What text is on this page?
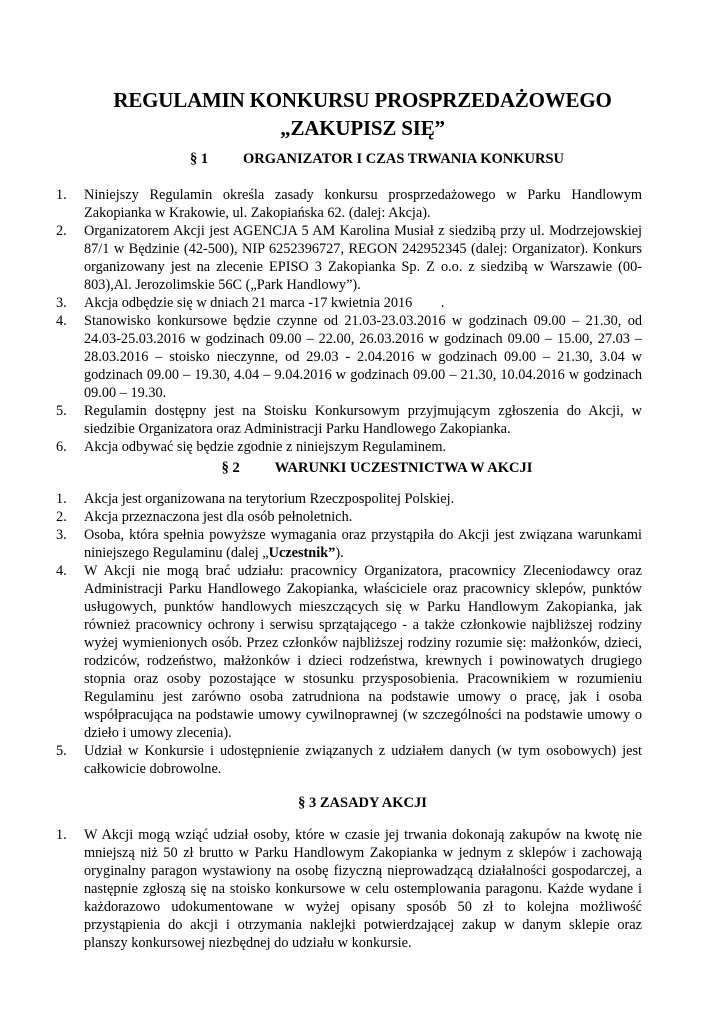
REGULAMIN KONKURSU PROSPRZEDAŻOWEGO
„ZAKUPISZ SIĘ”
§ 1 ORGANIZATOR I CZAS TRWANIA KONKURSU
1.	Niniejszy Regulamin określa zasady konkursu prosprzedażowego w Parku Handlowym Zakopianka w Krakowie, ul. Zakopiańska 62. (dalej: Akcja).
2.	Organizatorem Akcji jest AGENCJA 5 AM Karolina Musiał z siedzibą przy ul. Modrzejowskiej 87/1 w Będzinie (42-500), NIP 6252396727, REGON 242952345 (dalej: Organizator). Konkurs organizowany jest na zlecenie EPISO 3 Zakopianka Sp. Z o.o. z siedzibą w Warszawie (00-803),Al. Jerozolimskie 56C („Park Handlowy”).
3.	Akcja odbędzie się w dniach 21 marca -17 kwietnia 2016        .
4.	Stanowisko konkursowe będzie czynne od 21.03-23.03.2016 w godzinach 09.00 – 21.30, od 24.03-25.03.2016 w godzinach 09.00 – 22.00, 26.03.2016 w godzinach 09.00 – 15.00, 27.03 – 28.03.2016 – stoisko nieczynne, od 29.03 - 2.04.2016 w godzinach 09.00 – 21.30, 3.04 w godzinach 09.00 – 19.30, 4.04 – 9.04.2016 w godzinach 09.00 – 21.30, 10.04.2016 w godzinach 09.00 – 19.30.
5.	Regulamin dostępny jest na Stoisku Konkursowym przyjmującym zgłoszenia do Akcji, w siedzibie Organizatora oraz Administracji Parku Handlowego Zakopianka.
6.	Akcja odbywać się będzie zgodnie z niniejszym Regulaminem.
§ 2 WARUNKI UCZESTNICTWA W AKCJI
1.	Akcja jest organizowana na terytorium Rzeczpospolitej Polskiej.
2.	Akcja przeznaczona jest dla osób pełnoletnich.
3.	Osoba, która spełnia powyższe wymagania oraz przystąpiła do Akcji jest związana warunkami niniejszego Regulaminu (dalej „Uczestnik”).
4.	W Akcji nie mogą brać udziału: pracownicy Organizatora, pracownicy Zleceniodawcy oraz Administracji Parku Handlowego Zakopianka, właściciele oraz pracownicy sklepów, punktów usługowych, punktów handlowych mieszczących się w Parku Handlowym Zakopianka, jak również pracownicy ochrony i serwisu sprzątającego - a także członkowie najbliższej rodziny wyżej wymienionych osób. Przez członków najbliższej rodziny rozumie się: małżonków, dzieci, rodziców, rodzeństwo, małżonków i dzieci rodzeństwa, krewnych i powinowatych drugiego stopnia oraz osoby pozostające w stosunku przysposobienia. Pracownikiem w rozumieniu Regulaminu jest zarówno osoba zatrudniona na podstawie umowy o pracę, jak i osoba współpracująca na podstawie umowy cywilnoprawnej (w szczególności na podstawie umowy o dzieło i umowy zlecenia).
5.	Udział w Konkursie i udostępnienie związanych z udziałem danych (w tym osobowych) jest całkowicie dobrowolne.
§ 3 ZASADY AKCJI
1.	W Akcji mogą wziąć udział osoby, które w czasie jej trwania dokonają zakupów na kwotę nie mniejszą niż 50 zł brutto w Parku Handlowym Zakopianka w jednym z sklepów i zachowają oryginalny paragon wystawiony na osobę fizyczną nieprowadzącą działalności gospodarczej, a następnie zgłoszą się na stoisko konkursowe w celu ostemplowania paragonu. Każde wydane i każdorazowo udokumentowane w wyżej opisany sposób 50 zł to kolejna możliwość przystąpienia do akcji i otrzymania naklejki potwierdzającej zakup w danym sklepie oraz planszy konkursowej niezbędnej do udziału w konkursie.
